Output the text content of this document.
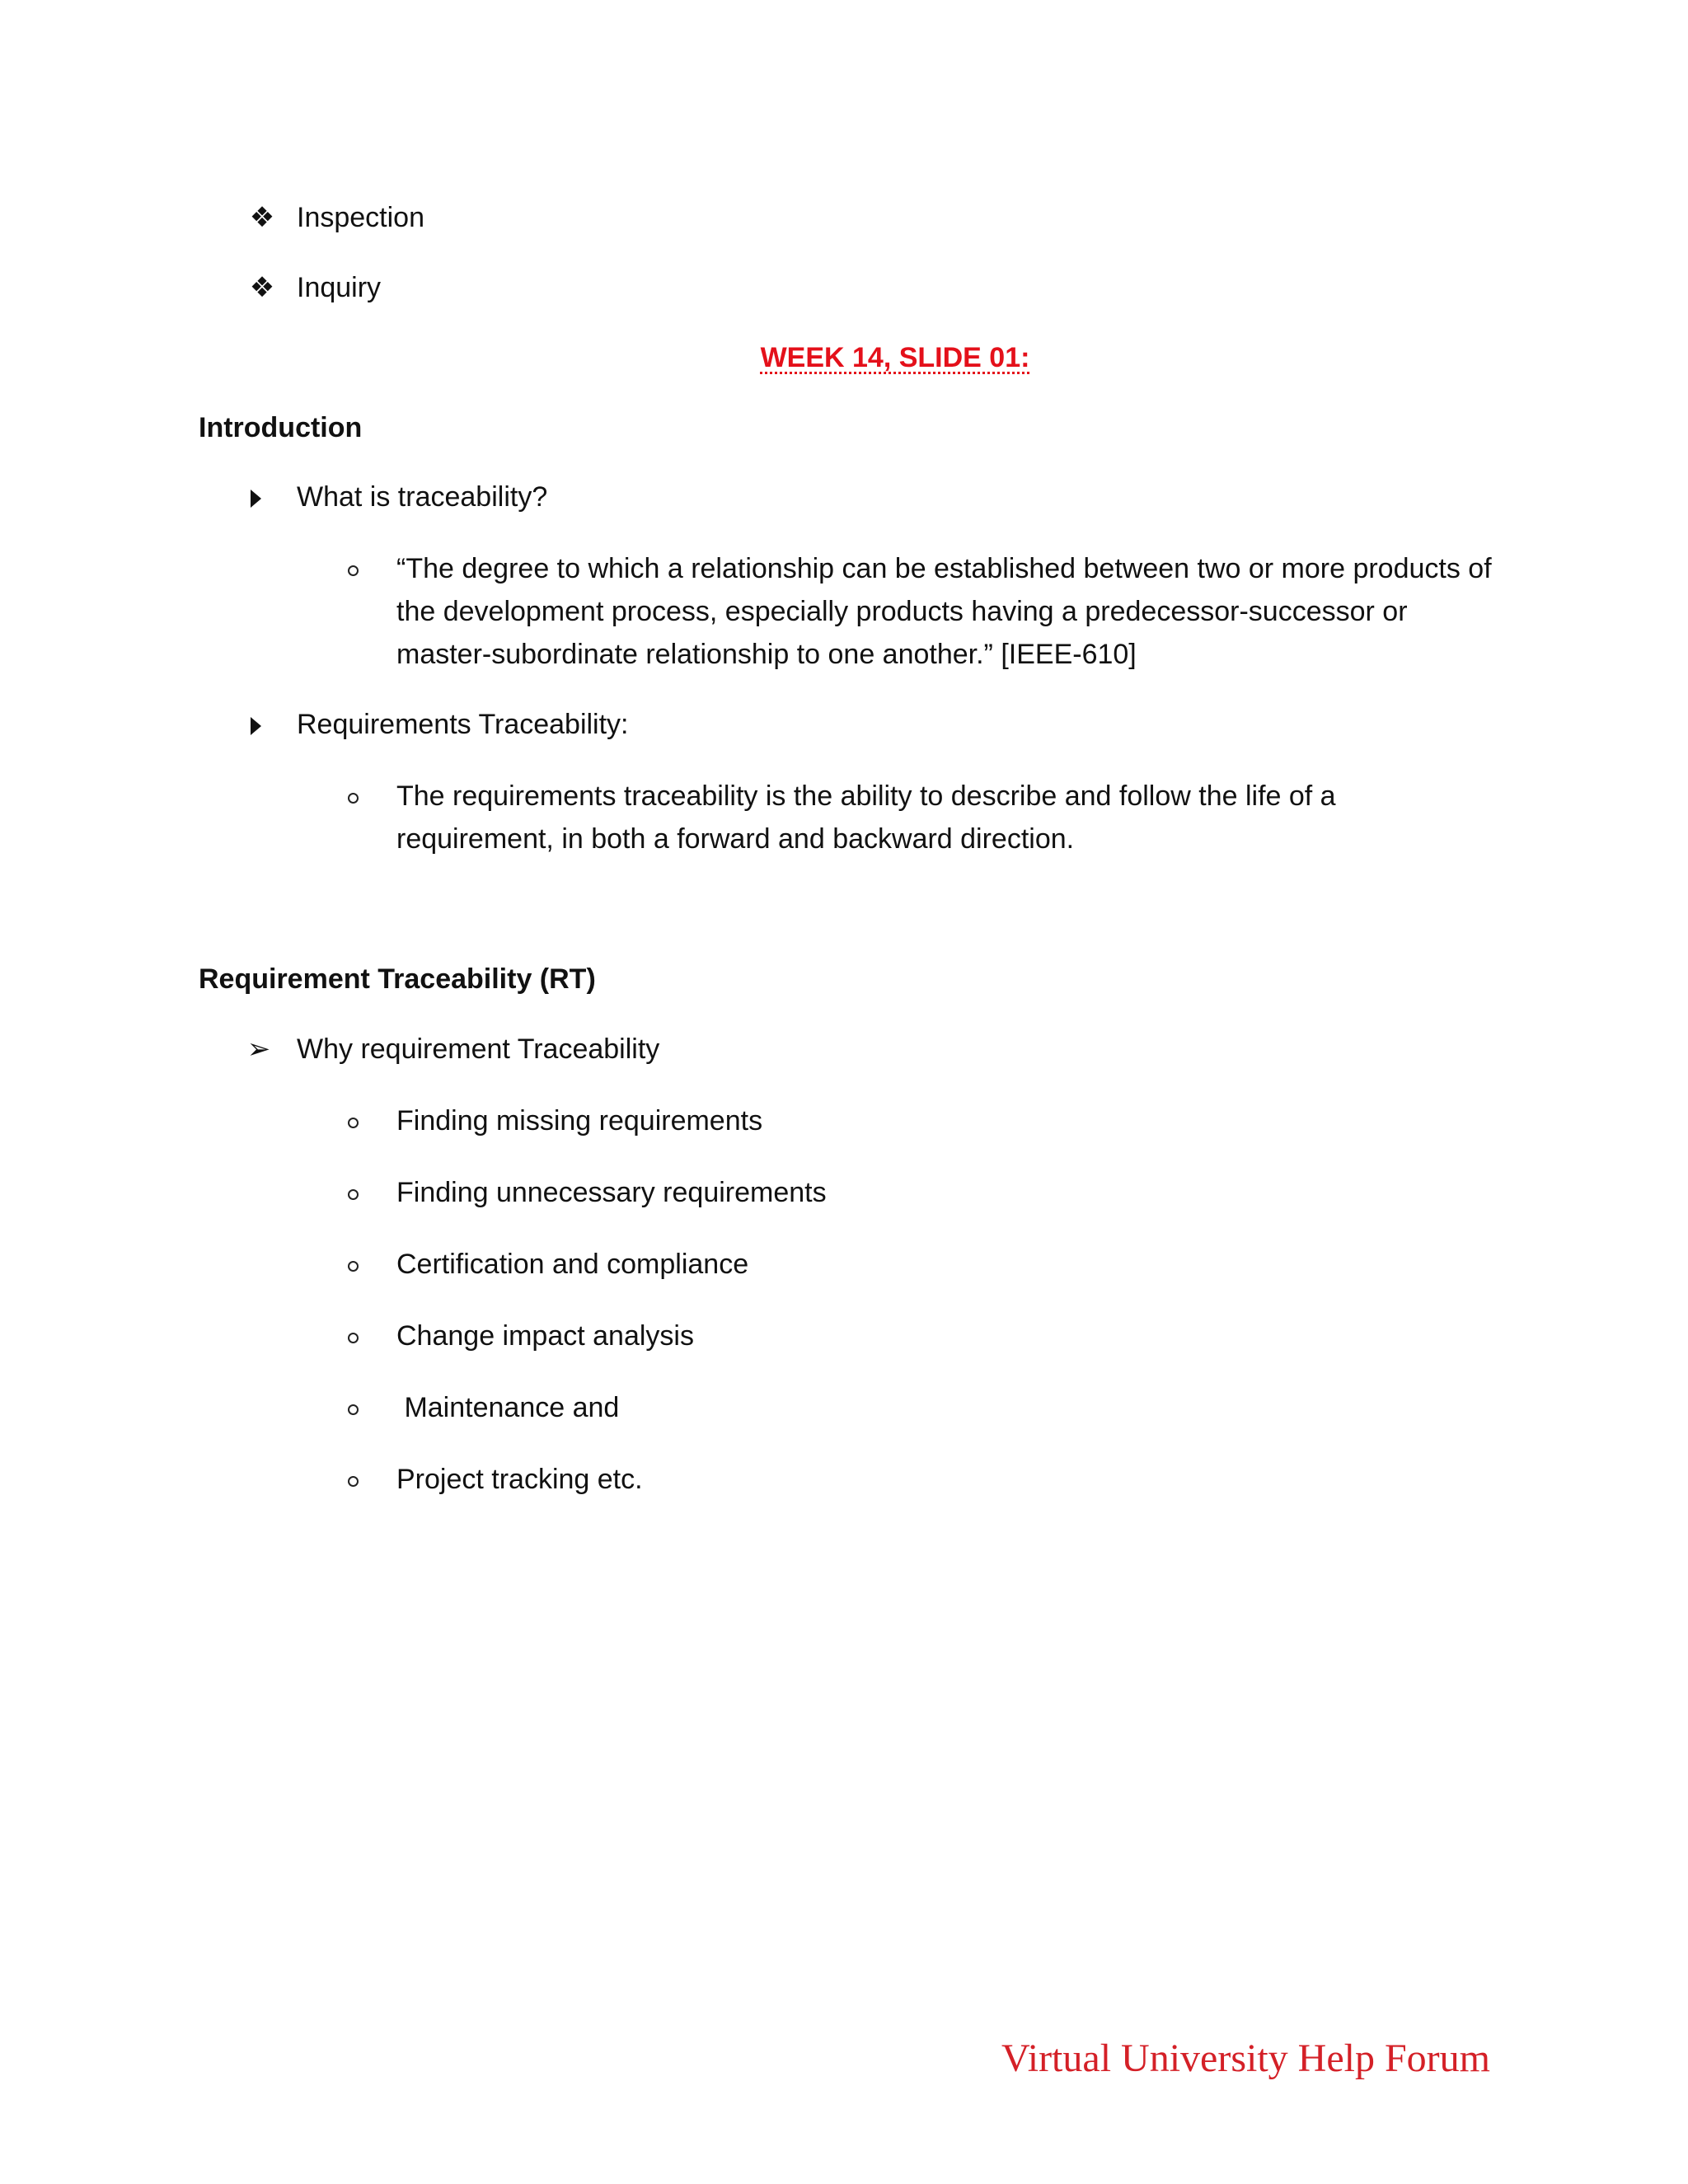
❖ Inspection
❖ Inquiry
WEEK 14, SLIDE 01:
Introduction
What is traceability?
“The degree to which a relationship can be established between two or more products of the development process, especially products having a predecessor-successor or master-subordinate relationship to one another.” [IEEE-610]
Requirements Traceability:
The requirements traceability is the ability to describe and follow the life of a requirement, in both a forward and backward direction.
Requirement Traceability (RT)
➢ Why requirement Traceability
Finding missing requirements
Finding unnecessary requirements
Certification and compliance
Change impact analysis
Maintenance and
Project tracking etc.
Virtual University Help Forum
